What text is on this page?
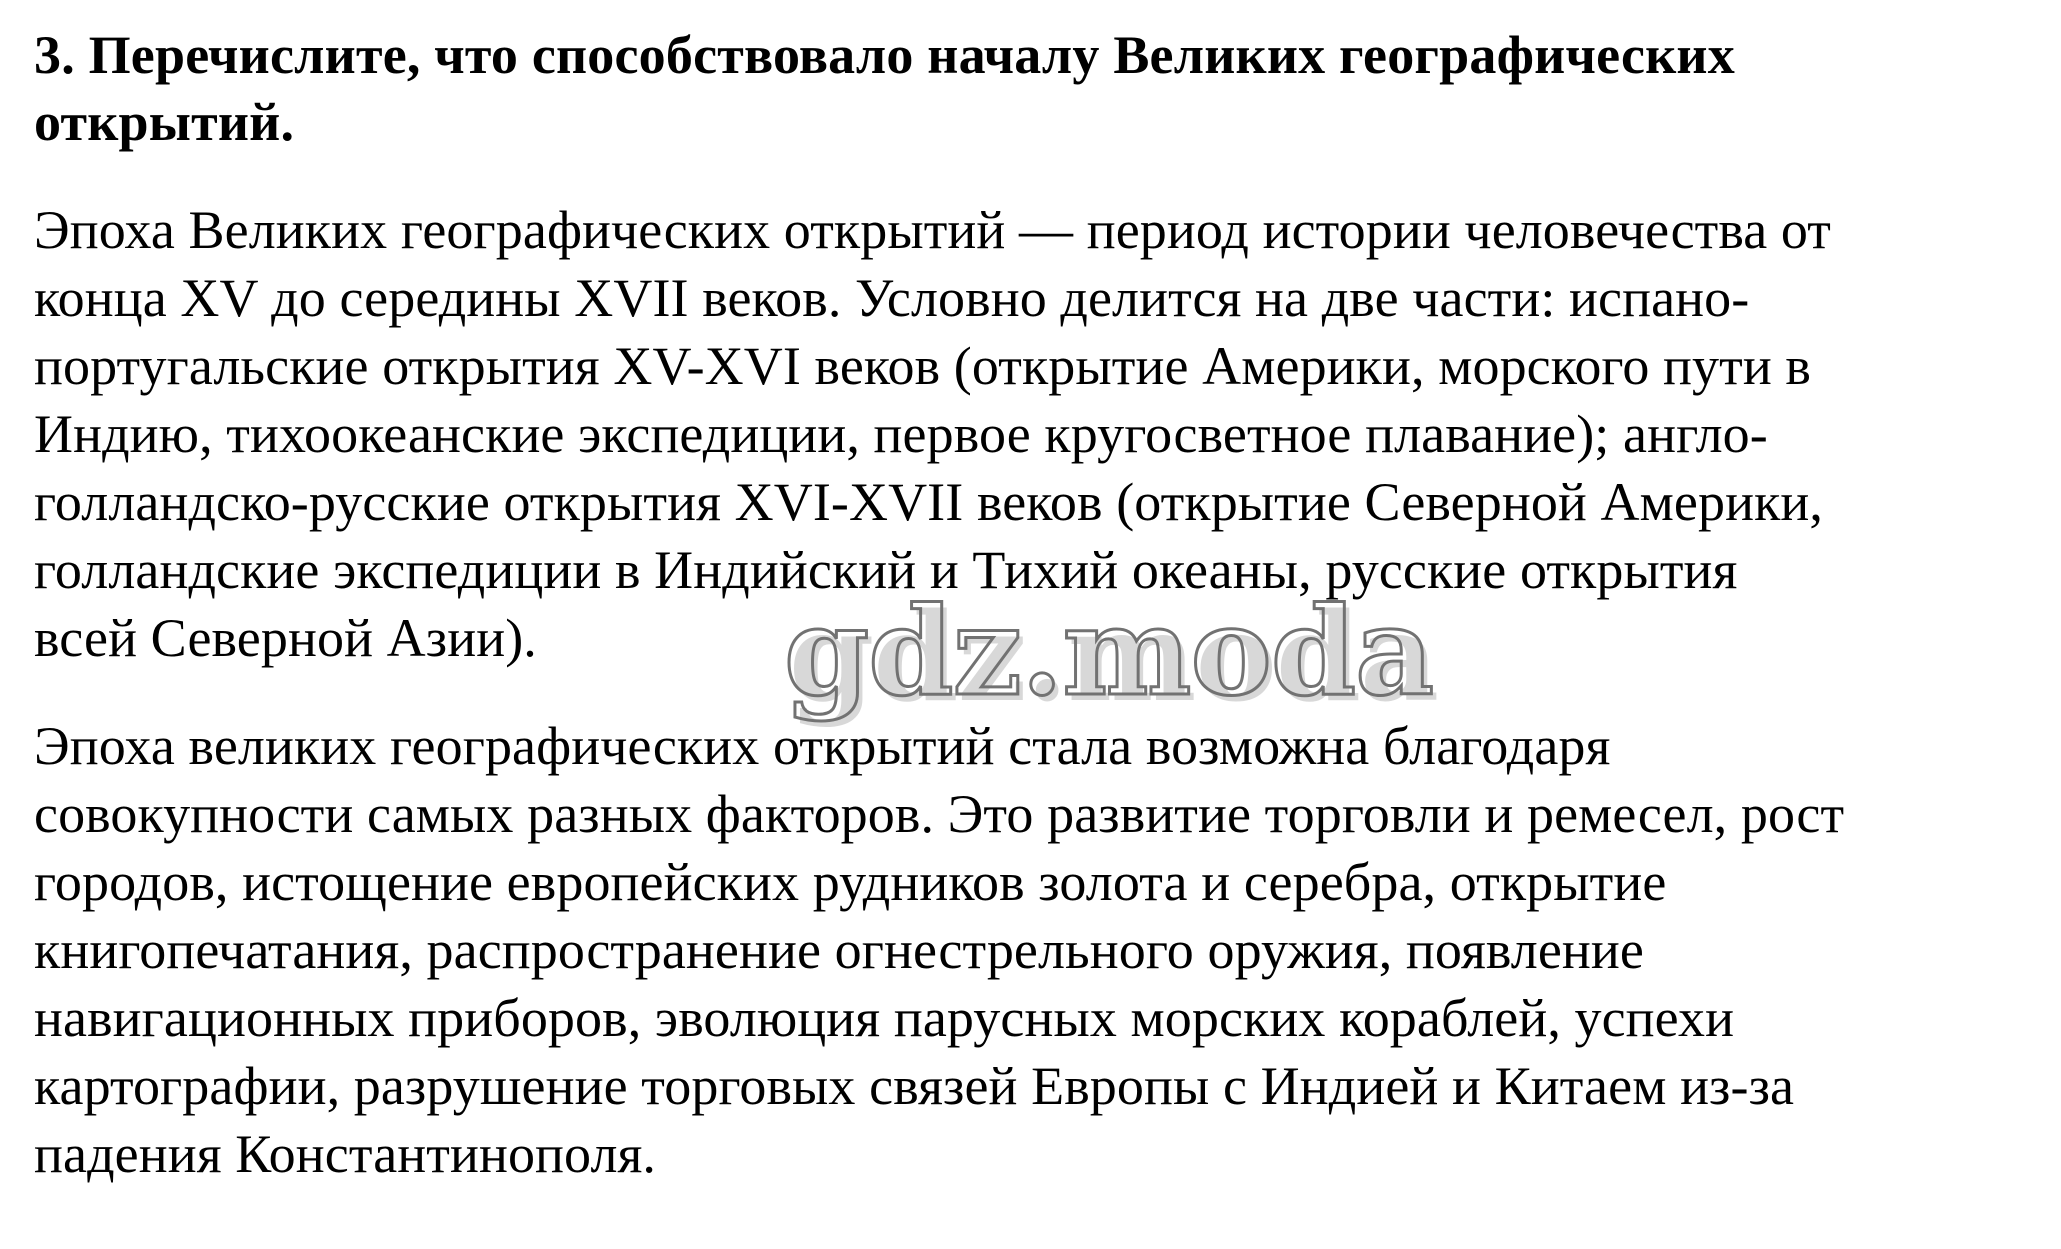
3. Перечислите, что способствовало началу Великих географических
открытий.

Эпоха Великих географических открытий — период истории человечества от
конца XV до середины XVII веков. Условно делится на две части: испано-
португальские открытия XV-XVI веков (открытие Америки, морского пути в
Индию, тихоокеанские экспедиции, первое кругосветное плавание); англо-
голландско-русские открытия XVI-XVII веков (открытие Северной Америки,
голландские экспедиции в Индийский и Тихий океаны, русские открытия
всей Северной Азии).

Эпоха великих географических открытий стала возможна благодаря
совокупности самых разных факторов. Это развитие торговли и ремесел, рост
городов, истощение европейских рудников золота и серебра, открытие
книгопечатания, распространение огнестрельного оружия, появление
навигационных приборов, эволюция парусных морских кораблей, успехи
картографии, разрушение торговых связей Европы с Индией и Китаем из-за
падения Константинополя.

gdz.moda
